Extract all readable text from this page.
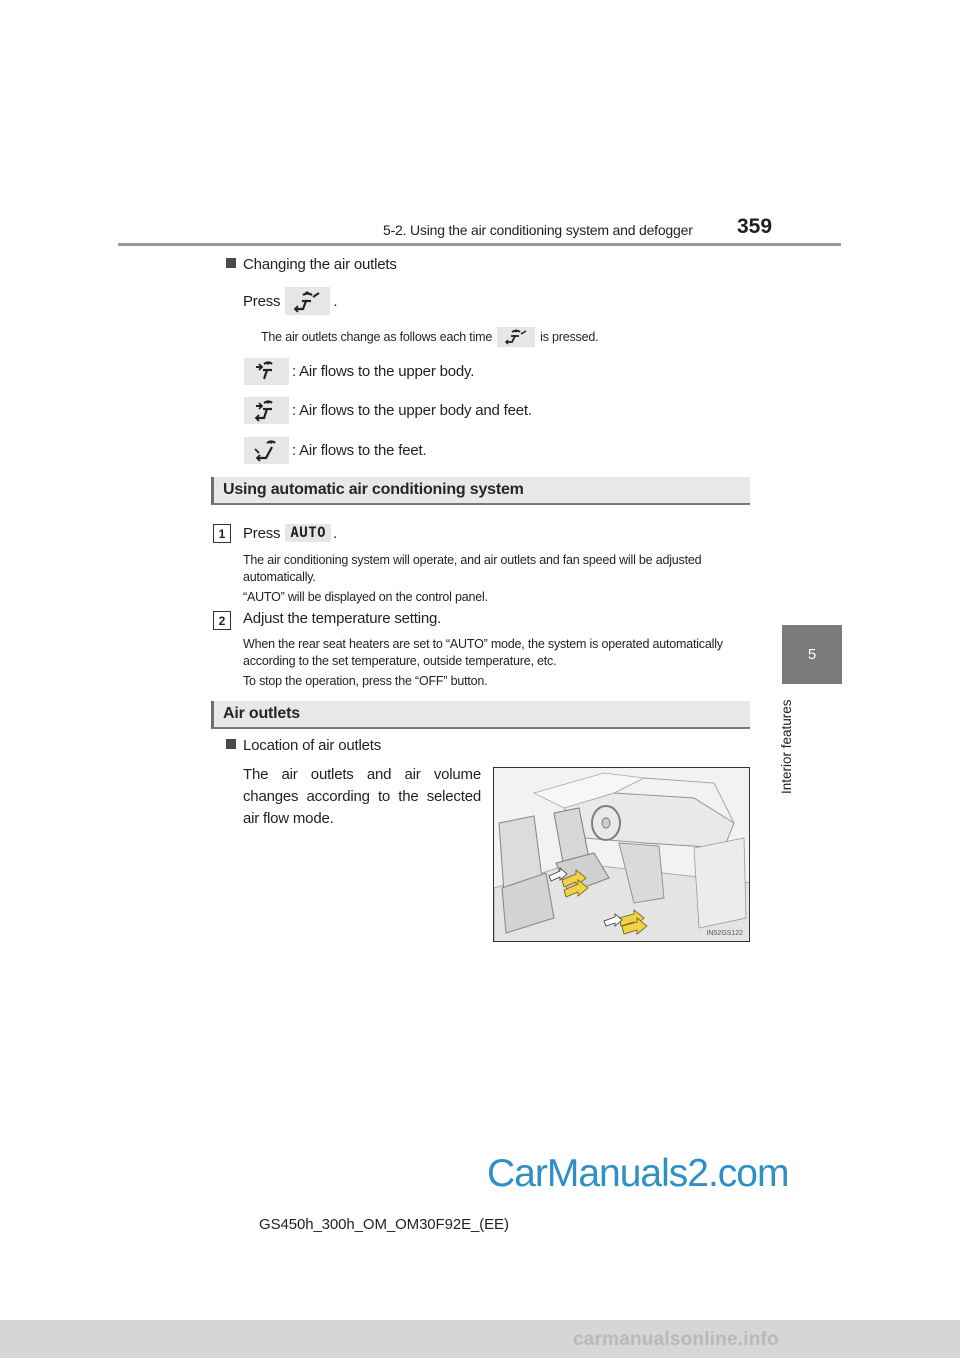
5-2. Using the air conditioning system and defogger 359
5
Interior features
Changing the air outlets
Press	.
The air outlets change as follows each time	is pressed.
: Air flows to the upper body.
: Air flows to the upper body and feet.
: Air flows to the feet.
Using automatic air conditioning system
1	Press AUTO .
The air conditioning system will operate, and air outlets and fan speed will be adjusted automatically.
“AUTO” will be displayed on the control panel.
2	Adjust the temperature setting.
When the rear seat heaters are set to “AUTO” mode, the system is operated automatically according to the set temperature, outside temperature, etc.
To stop the operation, press the “OFF” button.
Air outlets
Location of air outlets
The air outlets and air volume changes according to the selected air flow mode.
IN52GS122
GS450h_300h_OM_OM30F92E_(EE)
CarManuals2.com
carmanualsonline.info
